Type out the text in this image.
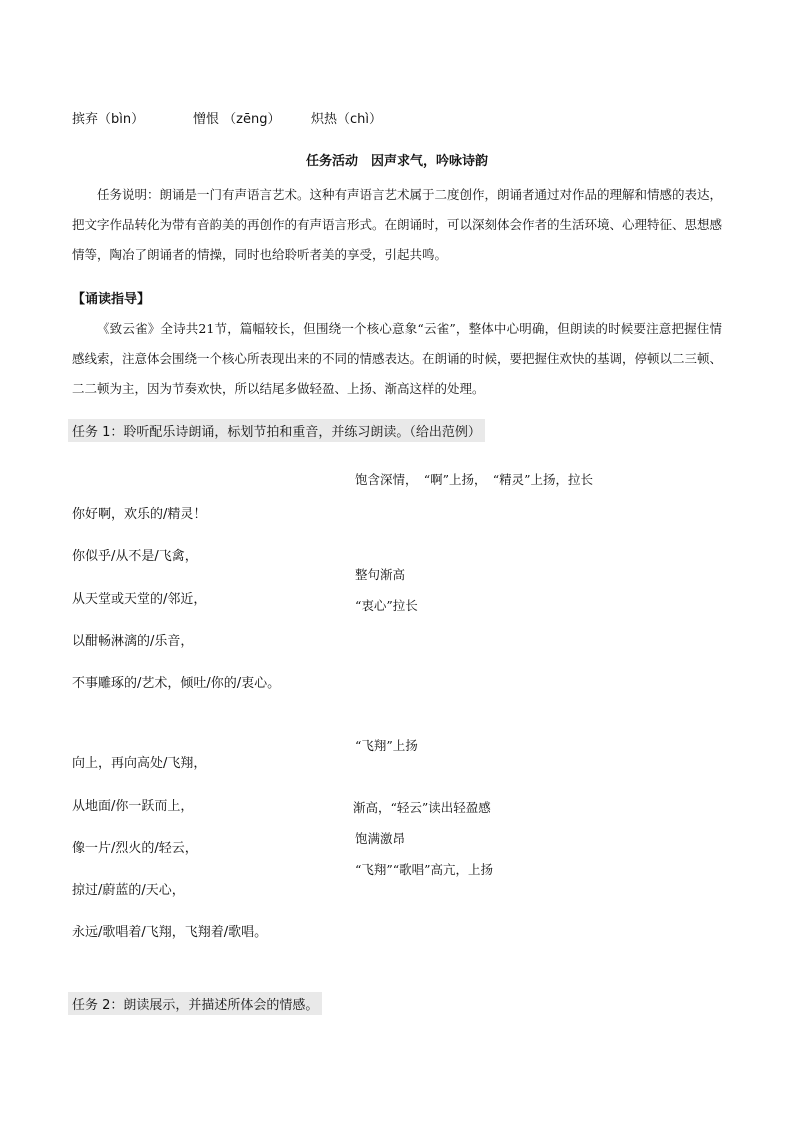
摈弃（bìn）	憎恨 （zēng） 炽热（chì）
任务活动　因声求气，吟咏诗韵
任务说明：朗诵是一门有声语言艺术。这种有声语言艺术属于二度创作，朗诵者通过对作品的理解和情感的表达，把文字作品转化为带有音韵美的再创作的有声语言形式。在朗诵时，可以深刻体会作者的生活环境、心理特征、思想感情等，陶冶了朗诵者的情操，同时也给聆听者美的享受，引起共鸣。
【诵读指导】
《致云雀》全诗共21节，篇幅较长，但围绕一个核心意象“云雀”，整体中心明确，但朗读的时候要注意把握住情感线索，注意体会围绕一个核心所表现出来的不同的情感表达。在朗诵的时候，要把握住欢快的基调，停顿以二三顿、二二顿为主，因为节奏欢快，所以结尾多做轻盈、上扬、渐高这样的处理。
任务 1：聆听配乐诗朗诵，标划节拍和重音，并练习朗读。（给出范例）
饱含深情，　“啊”上扬，　“精灵”上扬，拉长
整句渐高
“衷心”拉长
你好啊，欢乐的/精灵！
你似乎/从不是/飞禽，
从天堂或天堂的/邻近，
以酣畅淋漓的/乐音，
不事雕琢的/艺术，倾吐/你的/衷心。
“飞翔”上扬
渐高，“轻云”读出轻盈感
饱满激昂
“飞翔”“歌唱”高亢，上扬
向上，再向高处/飞翔，
从地面/你一跃而上，
像一片/烈火的/轻云，
掠过/蔚蓝的/天心，
永远/歌唱着/飞翔，飞翔着/歌唱。
任务 2：朗读展示，并描述所体会的情感。
